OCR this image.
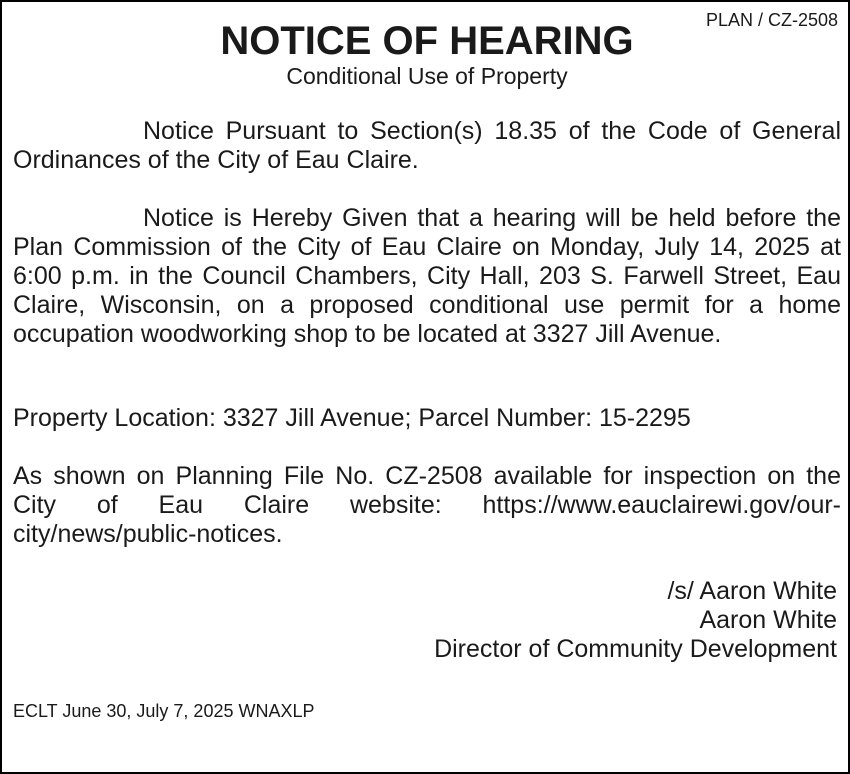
PLAN / CZ-2508
NOTICE OF HEARING
Conditional Use of Property

Notice Pursuant to Section(s) 18.35 of the Code of General Ordinances of the City of Eau Claire.

Notice is Hereby Given that a hearing will be held before the Plan Commission of the City of Eau Claire on Monday, July 14, 2025 at 6:00 p.m. in the Council Chambers, City Hall, 203 S. Farwell Street, Eau Claire, Wisconsin, on a proposed conditional use permit for a home occupation woodworking shop to be located at 3327 Jill Avenue.

Property Location: 3327 Jill Avenue; Parcel Number: 15-2295

As shown on Planning File No. CZ-2508 available for inspection on the City of Eau Claire website: https://www.eauclairewi.gov/our-city/news/public-notices.

/s/ Aaron White
Aaron White
Director of Community Development
ECLT June 30, July 7, 2025 WNAXLP
